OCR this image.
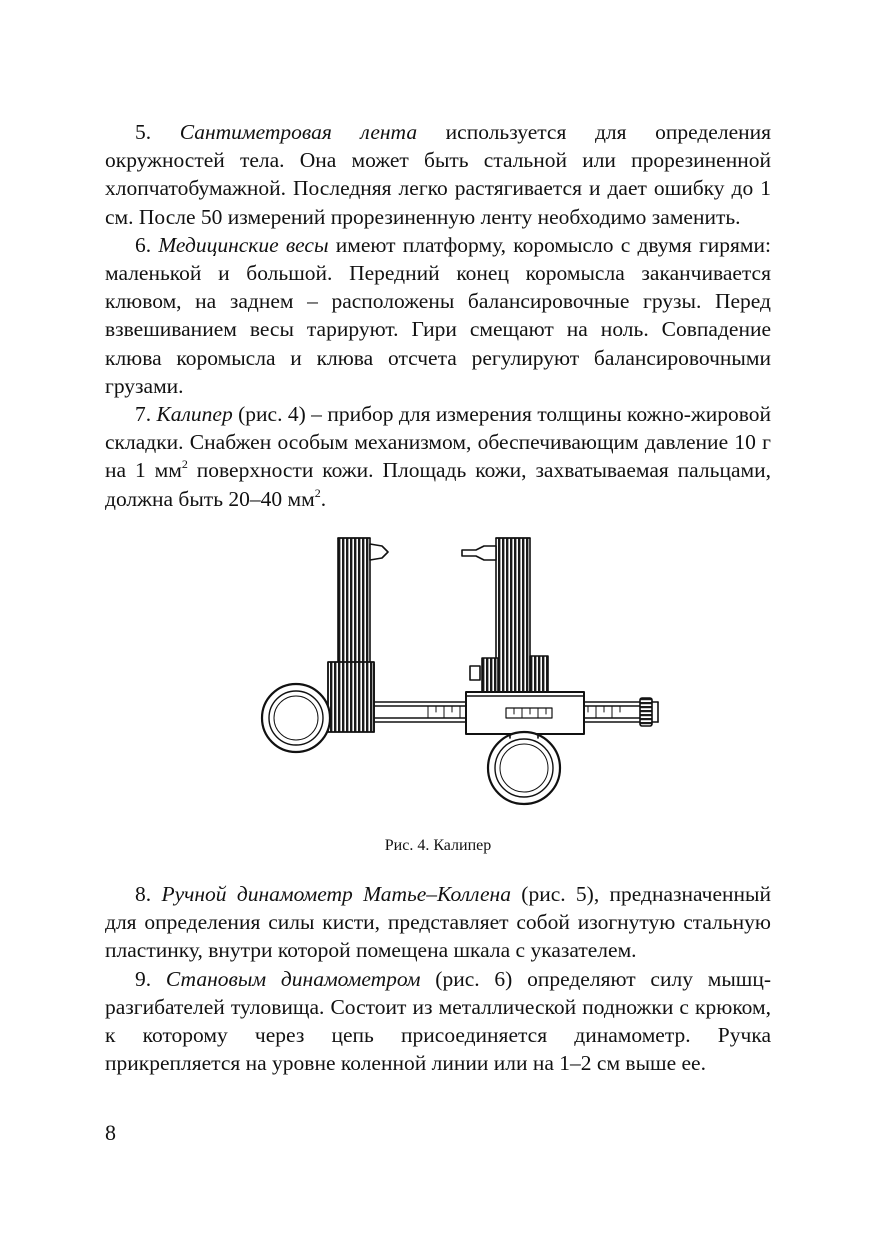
5. Сантиметровая лента используется для определения окружностей тела. Она может быть стальной или прорезиненной хлопчатобумажной. Последняя легко растягивается и дает ошибку до 1 см. После 50 измерений прорезиненную ленту необходимо заменить.

6. Медицинские весы имеют платформу, коромысло с двумя гирями: маленькой и большой. Передний конец коромысла заканчивается клювом, на заднем – расположены балансировочные грузы. Перед взвешиванием весы тарируют. Гири смещают на ноль. Совпадение клюва коромысла и клюва отсчета регулируют балансировочными грузами.

7. Калипер (рис. 4) – прибор для измерения толщины кожно-жировой складки. Снабжен особым механизмом, обеспечивающим давление 10 г на 1 $мм^2$ поверхности кожи. Площадь кожи, захватываемая пальцами, должна быть 20–40 $мм^2$.

Рис. 4. Калипер

8. Ручной динамометр Матье–Коллена (рис. 5), предназначенный для определения силы кисти, представляет собой изогнутую стальную пластинку, внутри которой помещена шкала с указателем.

9. Становым динамометром (рис. 6) определяют силу мышц-разгибателей туловища. Состоит из металлической подножки с крюком, к которому через цепь присоединяется динамометр. Ручка прикрепляется на уровне коленной линии или на 1–2 см выше ее.

8
